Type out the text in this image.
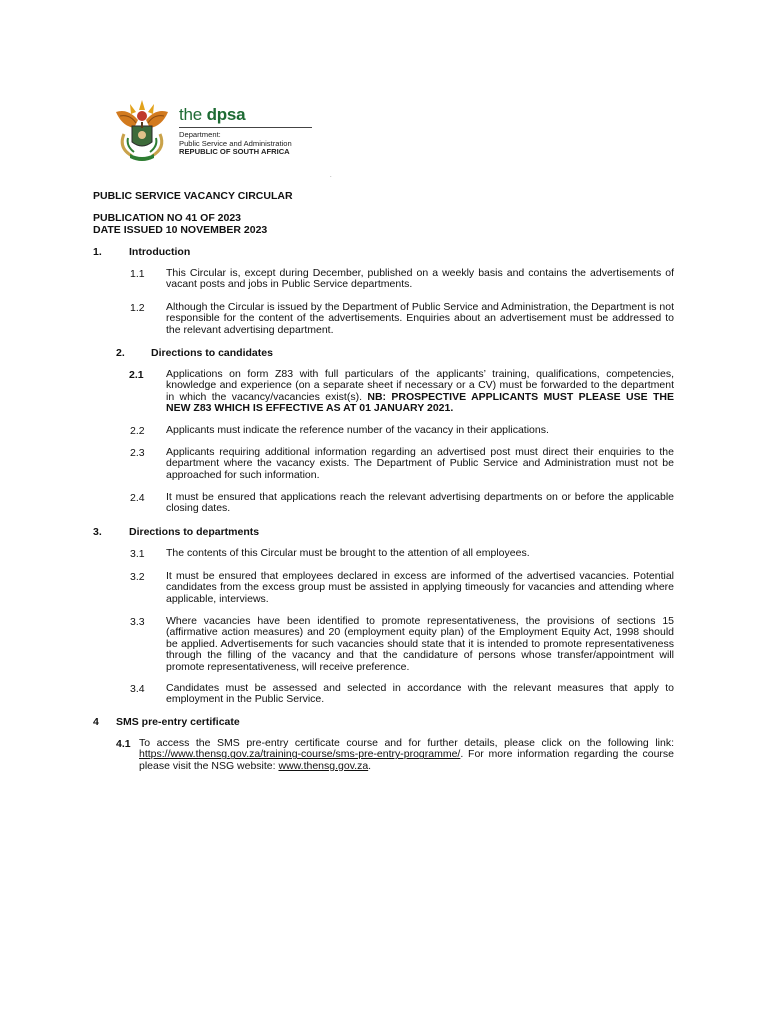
the dpsa
Department:
Public Service and Administration
REPUBLIC OF SOUTH AFRICA
.
PUBLIC SERVICE VACANCY CIRCULAR
PUBLICATION NO 41 OF 2023
DATE ISSUED 10 NOVEMBER 2023
1.	Introduction
1.1 This Circular is, except during December, published on a weekly basis and contains the advertisements of vacant posts and jobs in Public Service departments.
1.2 Although the Circular is issued by the Department of Public Service and Administration, the Department is not responsible for the content of the advertisements. Enquiries about an advertisement must be addressed to the relevant advertising department.
2. Directions to candidates
2.1 Applications on form Z83 with full particulars of the applicants’ training, qualifications, competencies, knowledge and experience (on a separate sheet if necessary or a CV) must be forwarded to the department in which the vacancy/vacancies exist(s). NB: PROSPECTIVE APPLICANTS MUST PLEASE USE THE NEW Z83 WHICH IS EFFECTIVE AS AT 01 JANUARY 2021.
2.2 Applicants must indicate the reference number of the vacancy in their applications.
2.3 Applicants requiring additional information regarding an advertised post must direct their enquiries to the department where the vacancy exists. The Department of Public Service and Administration must not be approached for such information.
2.4 It must be ensured that applications reach the relevant advertising departments on or before the applicable closing dates.
3.	Directions to departments
3.1 The contents of this Circular must be brought to the attention of all employees.
3.2 It must be ensured that employees declared in excess are informed of the advertised vacancies. Potential candidates from the excess group must be assisted in applying timeously for vacancies and attending where applicable, interviews.
3.3 Where vacancies have been identified to promote representativeness, the provisions of sections 15 (affirmative action measures) and 20 (employment equity plan) of the Employment Equity Act, 1998 should be applied. Advertisements for such vacancies should state that it is intended to promote representativeness through the filling of the vacancy and that the candidature of persons whose transfer/appointment will promote representativeness, will receive preference.
3.4 Candidates must be assessed and selected in accordance with the relevant measures that apply to employment in the Public Service.
4 SMS pre-entry certificate
4.1 To access the SMS pre-entry certificate course and for further details, please click on the following link: https://www.thensg.gov.za/training-course/sms-pre-entry-programme/. For more information regarding the course please visit the NSG website: www.thensg.gov.za.
